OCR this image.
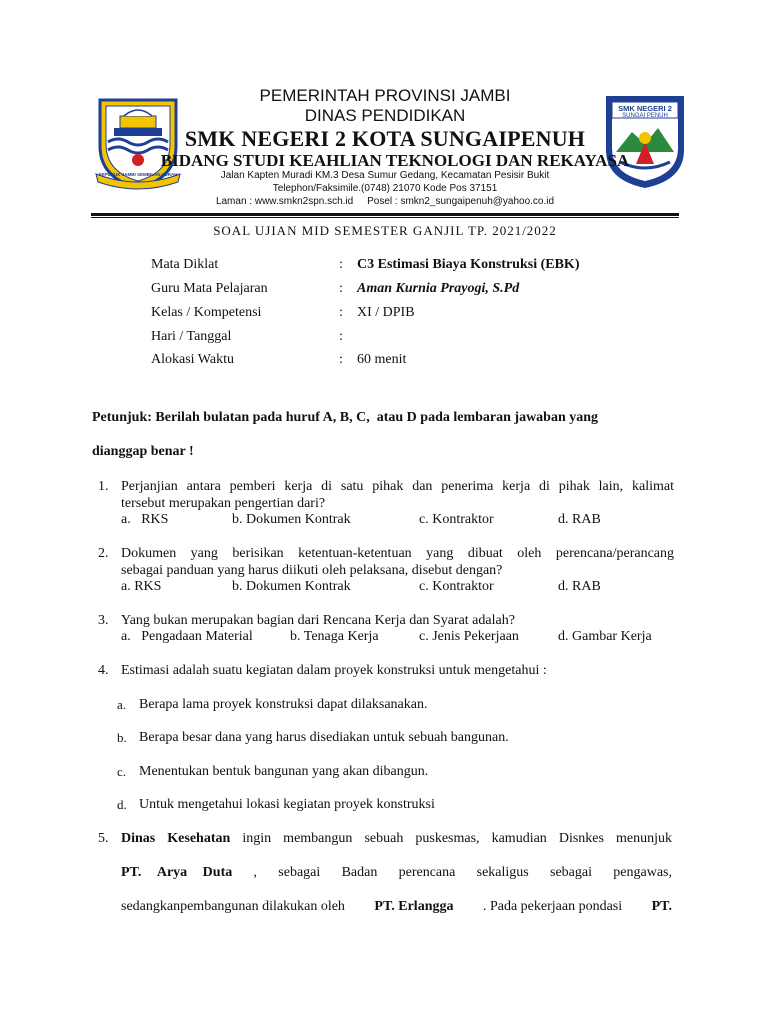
SEPUCUK JAMBI SEMBILAN LURAH
SMK NEGERI 2
SUNGAI PENUH
1965
PEMERINTAH PROVINSI JAMBI
DINAS PENDIDIKAN
SMK NEGERI 2 KOTA SUNGAIPENUH
BIDANG STUDI KEAHLIAN TEKNOLOGI DAN REKAYASA
Jalan Kapten Muradi KM.3 Desa Sumur Gedang, Kecamatan Pesisir Bukit
Telephon/Faksimile.(0748) 21070 Kode Pos 37151
Laman : www.smkn2spn.sch.id     Posel : smkn2_sungaipenuh@yahoo.co.id
SOAL UJIAN MID SEMESTER GANJIL TP. 2021/2022
Mata Diklat	: C3 Estimasi Biaya Konstruksi (EBK)
Guru Mata Pelajaran	: Aman Kurnia Prayogi, S.Pd
Kelas / Kompetensi	: XI / DPIB
Hari / Tanggal	:
Alokasi Waktu	: 60 menit
Petunjuk: Berilah bulatan pada huruf A, B, C,  atau D pada lembaran jawaban yang
dianggap benar !
1. Perjanjian antara pemberi kerja di satu pihak dan penerima kerja di pihak lain, kalimat
tersebut merupakan pengertian dari?
a.   RKS	b. Dokumen Kontrak	c. Kontraktor	d. RAB
2. Dokumen yang berisikan ketentuan-ketentuan yang dibuat oleh perencana/perancang
sebagai panduan yang harus diikuti oleh pelaksana, disebut dengan?
a. RKS	b. Dokumen Kontrak	c. Kontraktor	d. RAB
3. Yang bukan merupakan bagian dari Rencana Kerja dan Syarat adalah?
a.   Pengadaan Material	b. Tenaga Kerja	c. Jenis Pekerjaan	d. Gambar Kerja
4. Estimasi adalah suatu kegiatan dalam proyek konstruksi untuk mengetahui :
a. Berapa lama proyek konstruksi dapat dilaksanakan.
b. Berapa besar dana yang harus disediakan untuk sebuah bangunan.
c. Menentukan bentuk bangunan yang akan dibangun.
d. Untuk mengetahui lokasi kegiatan proyek konstruksi
5. Dinas Kesehatan ingin membangun sebuah puskesmas, kamudian Disnkes menunjuk
PT. Arya Duta , sebagai Badan perencana sekaligus sebagai pengawas,
sedangkanpembangunan dilakukan oleh PT. Erlangga . Pada pekerjaan pondasi PT.
